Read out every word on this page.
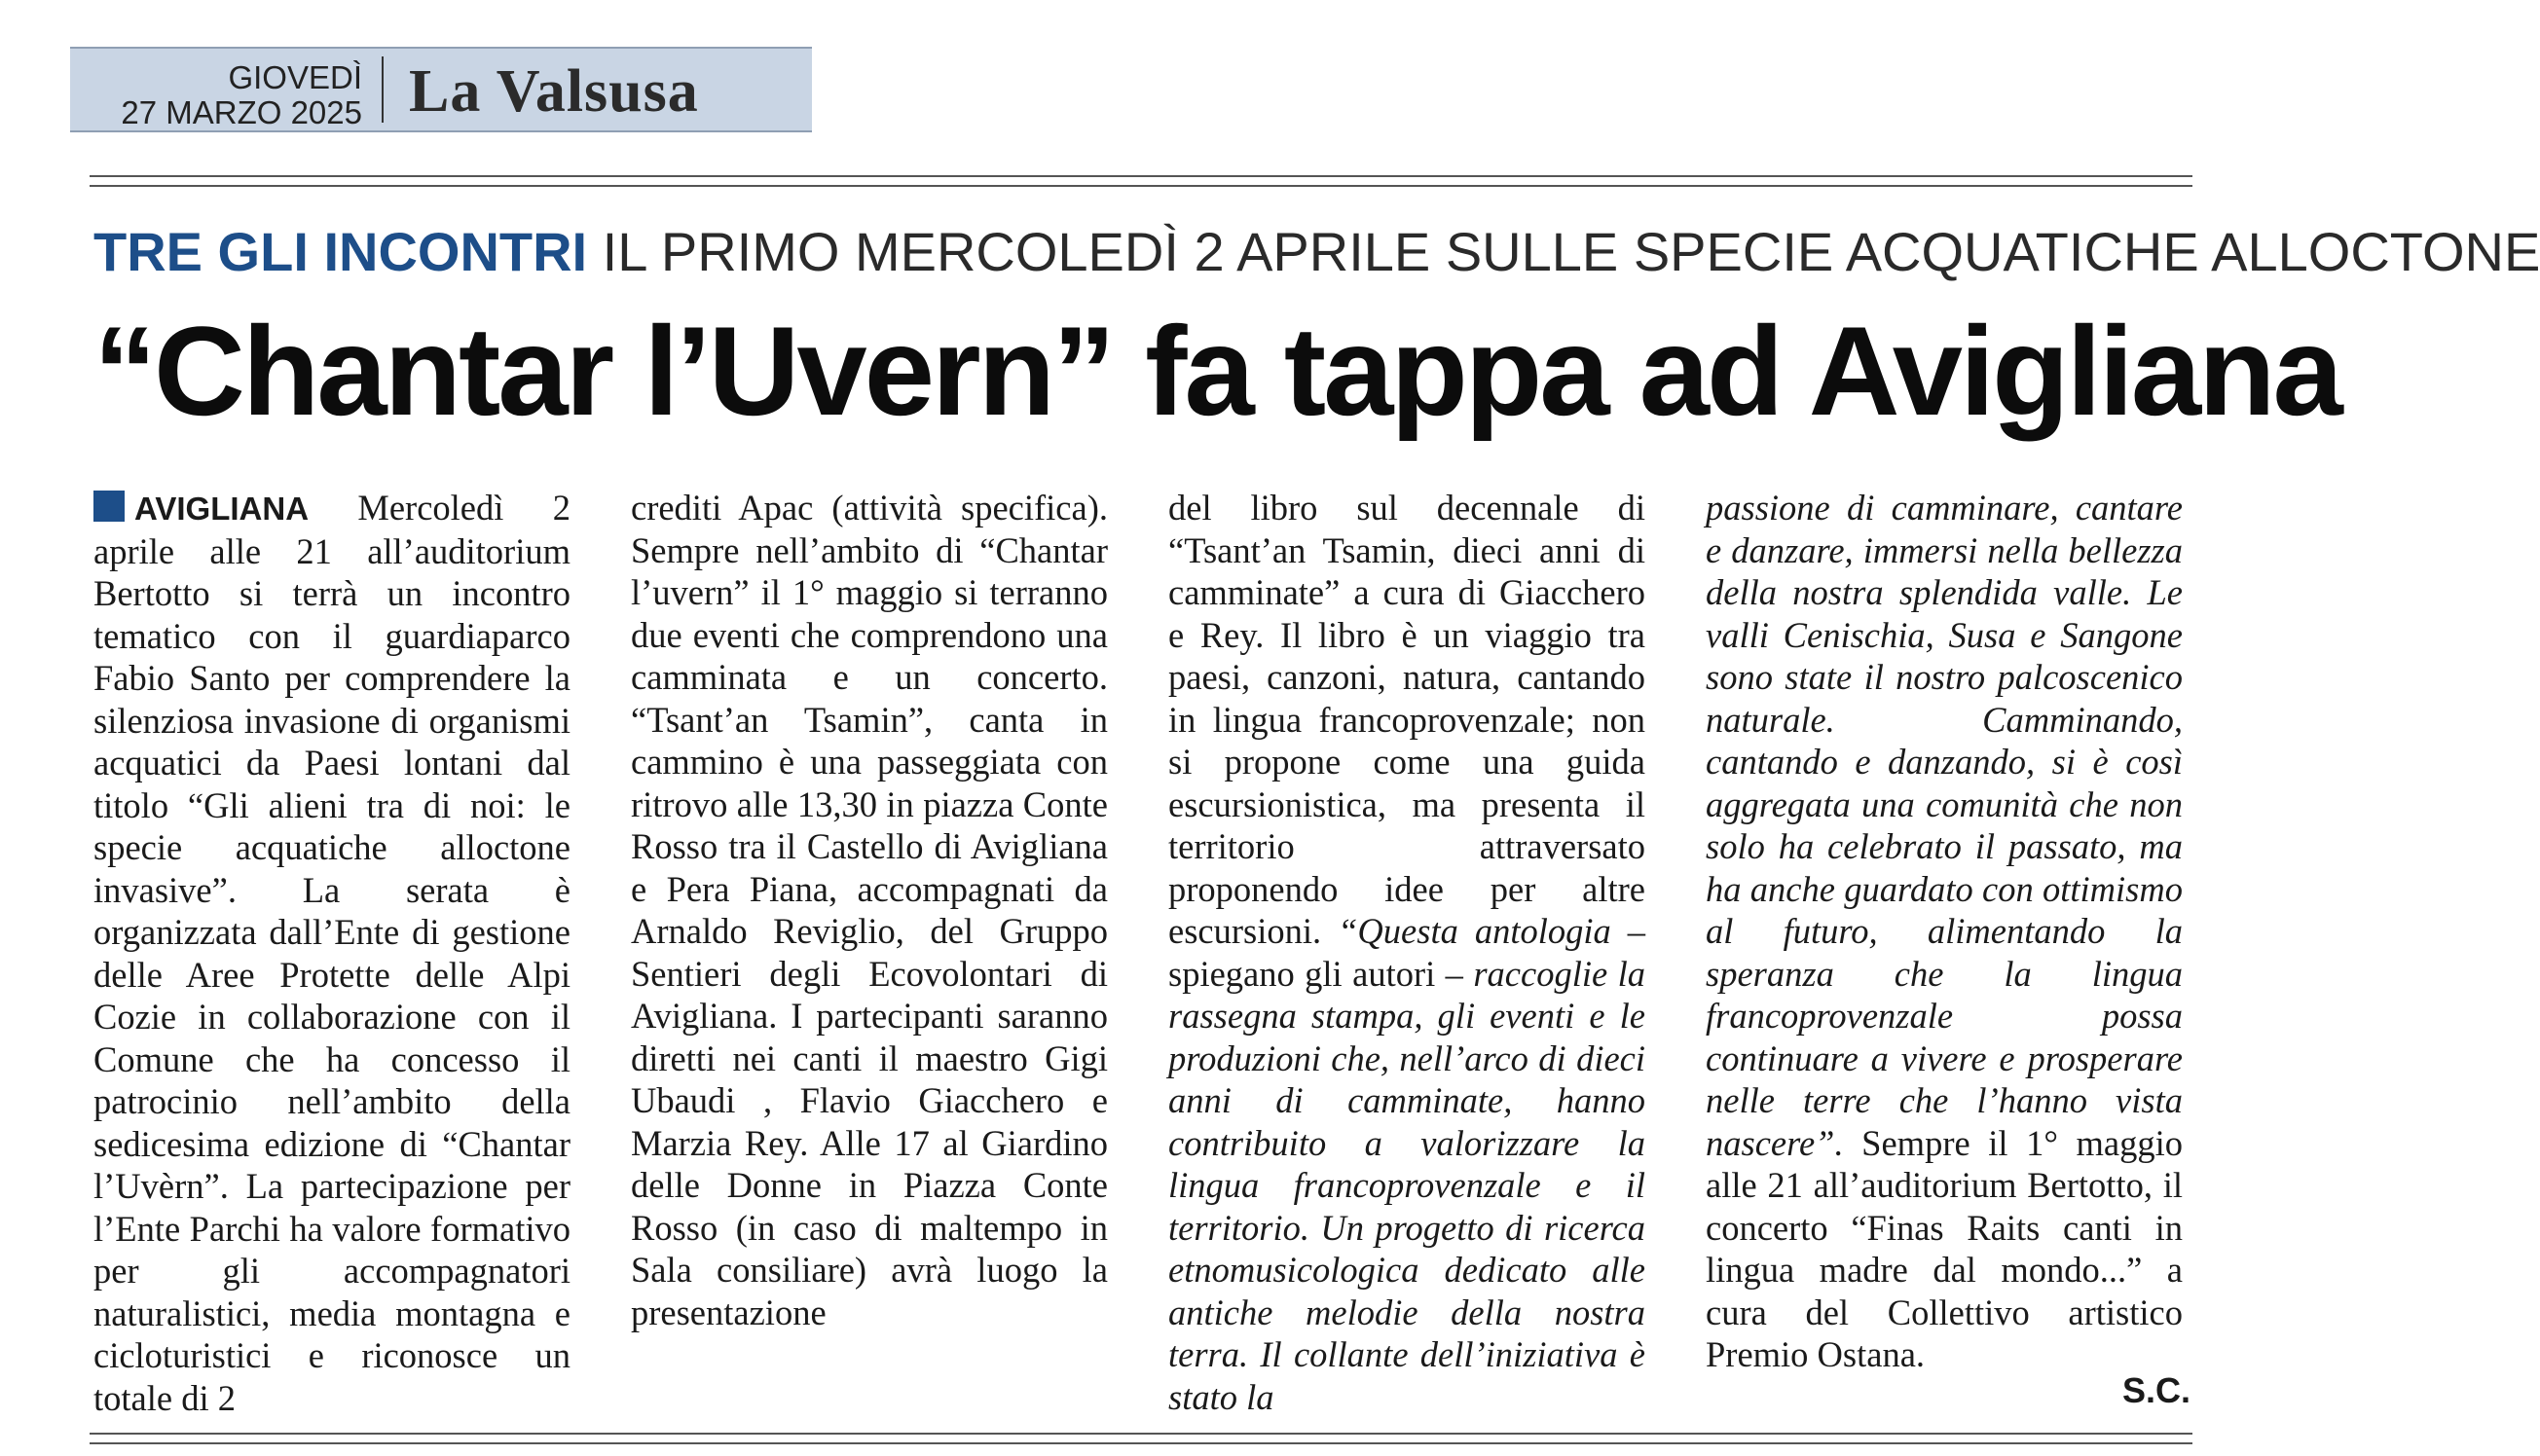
GIOVEDÌ
27 MARZO 2025 La Valsusa
TRE GLI INCONTRI IL PRIMO MERCOLEDÌ 2 APRILE SULLE SPECIE ACQUATICHE ALLOCTONE
“Chantar l’Uvern” fa tappa ad Avigliana
AVIGLIANA Mercoledì 2 aprile alle 21 all’auditorium Bertotto si terrà un incontro tematico con il guardiaparco Fabio Santo per comprendere la silenziosa invasione di organismi acquatici da Paesi lontani dal titolo “Gli alieni tra di noi: le specie acquatiche alloctone invasive”. La serata è organizzata dall’Ente di gestione delle Aree Protette delle Alpi Cozie in collaborazione con il Comune che ha concesso il patrocinio nell’ambito della sedicesima edizione di “Chantar l’Uvèrn”. La partecipazione per l’Ente Parchi ha valore formativo per gli accompagnatori naturalistici, media montagna e cicloturistici e riconosce un totale di 2
crediti Apac (attività specifica). Sempre nell’ambito di “Chantar l’uvern” il 1° maggio si terranno due eventi che comprendono una camminata e un concerto. “Tsant’an Tsamin”, canta in cammino è una passeggiata con ritrovo alle 13,30 in piazza Conte Rosso tra il Castello di Avigliana e Pera Piana, accompagnati da Arnaldo Reviglio, del Gruppo Sentieri degli Ecovolontari di Avigliana. I partecipanti saranno diretti nei canti il maestro Gigi Ubaudi , Flavio Giacchero e Marzia Rey. Alle 17 al Giardino delle Donne in Piazza Conte Rosso (in caso di maltempo in Sala consiliare) avrà luogo la presentazione
del libro sul decennale di “Tsant’an Tsamin, dieci anni di camminate” a cura di Giacchero e Rey. Il libro è un viaggio tra paesi, canzoni, natura, cantando in lingua francoprovenzale; non si propone come una guida escursionistica, ma presenta il territorio attraversato proponendo idee per altre escursioni. “Questa antologia – spiegano gli autori – raccoglie la rassegna stampa, gli eventi e le produzioni che, nell’arco di dieci anni di camminate, hanno contribuito a valorizzare la lingua francoprovenzale e il territorio. Un progetto di ricerca etnomusicologica dedicato alle antiche melodie della nostra terra. Il collante dell’iniziativa è stato la
passione di camminare, cantare e danzare, immersi nella bellezza della nostra splendida valle. Le valli Cenischia, Susa e Sangone sono state il nostro palcoscenico naturale. Camminando, cantando e danzando, si è così aggregata una comunità che non solo ha celebrato il passato, ma ha anche guardato con ottimismo al futuro, alimentando la speranza che la lingua francoprovenzale possa continuare a vivere e prosperare nelle terre che l’hanno vista nascere”. Sempre il 1° maggio alle 21 all’auditorium Bertotto, il concerto “Finas Raits canti in lingua madre dal mondo...” a cura del Collettivo artistico Premio Ostana.
S.C.
